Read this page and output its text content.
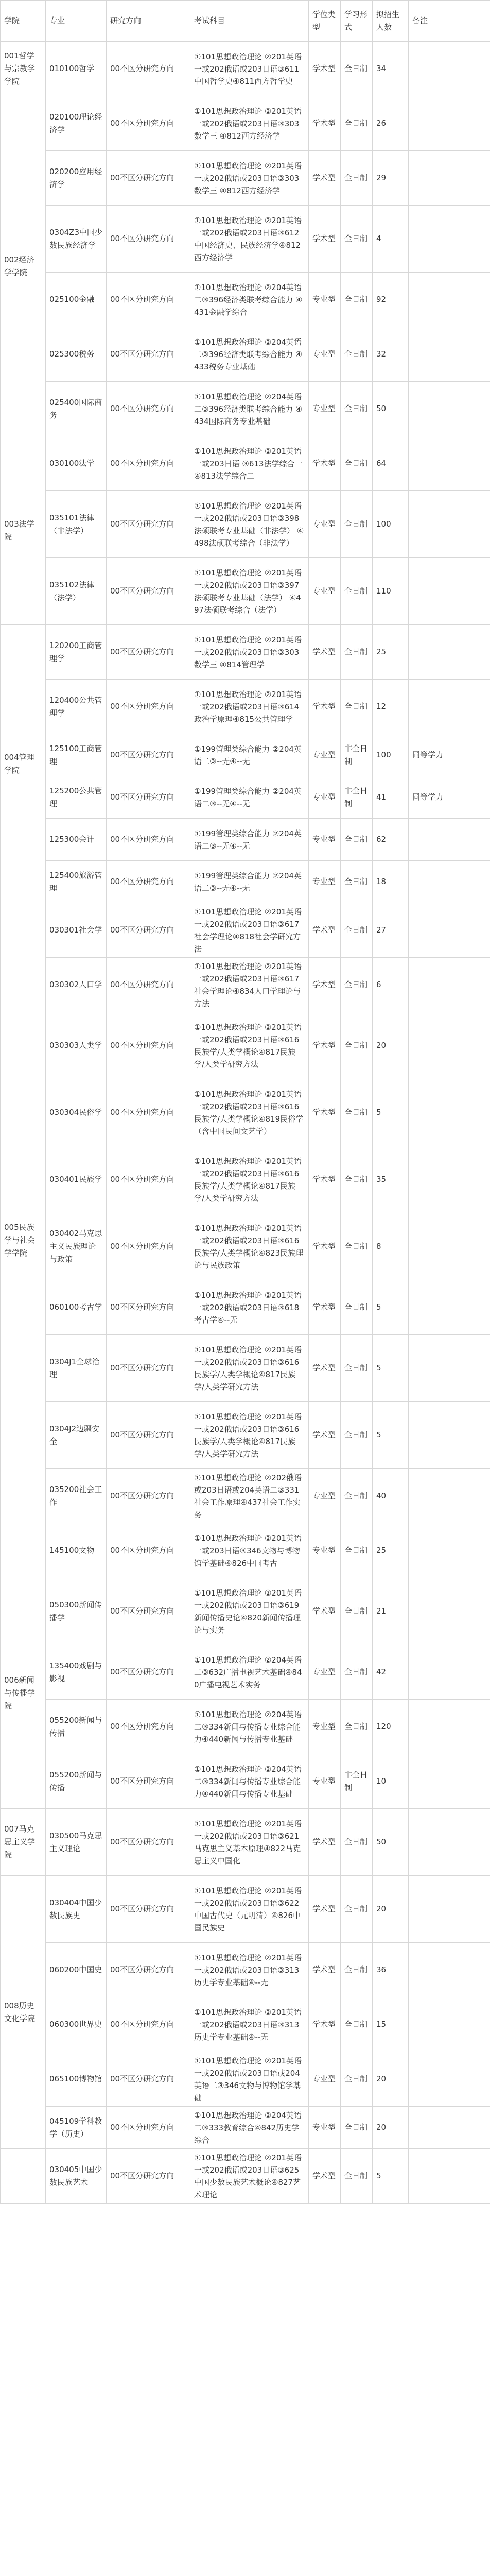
学院	专业	研究方向	考试科目	学位类型	学习形式	拟招生人数	备注
001哲学与宗教学学院	010100哲学	00不区分研究方向	①101思想政治理论 ②201英语一或202俄语或203日语③611中国哲学史④811西方哲学史	学术型	全日制	34	
002经济学学院	020100理论经济学	00不区分研究方向	①101思想政治理论 ②201英语一或202俄语或203日语③303数学三 ④812西方经济学	学术型	全日制	26	
	020200应用经济学	00不区分研究方向	①101思想政治理论 ②201英语一或202俄语或203日语③303数学三 ④812西方经济学	学术型	全日制	29	
	0304Z3中国少数民族经济学	00不区分研究方向	①101思想政治理论 ②201英语一或202俄语或203日语③612中国经济史、民族经济学④812西方经济学	学术型	全日制	4	
	025100金融	00不区分研究方向	①101思想政治理论 ②204英语二③396经济类联考综合能力 ④431金融学综合	专业型	全日制	92	
	025300税务	00不区分研究方向	①101思想政治理论 ②204英语二③396经济类联考综合能力 ④433税务专业基础	专业型	全日制	32	
	025400国际商务	00不区分研究方向	①101思想政治理论 ②204英语二③396经济类联考综合能力 ④434国际商务专业基础	专业型	全日制	50	
003法学院	030100法学	00不区分研究方向	①101思想政治理论 ②201英语一或203日语 ③613法学综合一 ④813法学综合二	学术型	全日制	64	
	035101法律（非法学）	00不区分研究方向	①101思想政治理论 ②201英语一或202俄语或203日语③398法硕联考专业基础（非法学） ④498法硕联考综合（非法学）	专业型	全日制	100	
	035102法律（法学）	00不区分研究方向	①101思想政治理论 ②201英语一或202俄语或203日语③397法硕联考专业基础（法学） ④497法硕联考综合（法学）	专业型	全日制	110	
004管理学院	120200工商管理学	00不区分研究方向	①101思想政治理论 ②201英语一或202俄语或203日语③303数学三 ④814管理学	学术型	全日制	25	
	120400公共管理学	00不区分研究方向	①101思想政治理论 ②201英语一或202俄语或203日语③614政治学原理④815公共管理学	学术型	全日制	12	
	125100工商管理	00不区分研究方向	①199管理类综合能力 ②204英语二③--无④--无	专业型	非全日制	100	同等学力
	125200公共管理	00不区分研究方向	①199管理类综合能力 ②204英语二③--无④--无	专业型	非全日制	41	同等学力
	125300会计	00不区分研究方向	①199管理类综合能力 ②204英语二③--无④--无	专业型	全日制	62	
	125400旅游管理	00不区分研究方向	①199管理类综合能力 ②204英语二③--无④--无	专业型	全日制	18	
005民族学与社会学学院	030301社会学	00不区分研究方向	①101思想政治理论 ②201英语一或202俄语或203日语③617社会学理论④818社会学研究方法	学术型	全日制	27	
	030302人口学	00不区分研究方向	①101思想政治理论 ②201英语一或202俄语或203日语③617社会学理论④834人口学理论与方法	学术型	全日制	6	
	030303人类学	00不区分研究方向	①101思想政治理论 ②201英语一或202俄语或203日语③616民族学/人类学概论④817民族学/人类学研究方法	学术型	全日制	20	
	030304民俗学	00不区分研究方向	①101思想政治理论 ②201英语一或202俄语或203日语③616民族学/人类学概论④819民俗学（含中国民间文艺学）	学术型	全日制	5	
	030401民族学	00不区分研究方向	①101思想政治理论 ②201英语一或202俄语或203日语③616民族学/人类学概论④817民族学/人类学研究方法	学术型	全日制	35	
	030402马克思主义民族理论与政策	00不区分研究方向	①101思想政治理论 ②201英语一或202俄语或203日语③616民族学/人类学概论④823民族理论与民族政策	学术型	全日制	8	
	060100考古学	00不区分研究方向	①101思想政治理论 ②201英语一或202俄语或203日语③618考古学④--无	学术型	全日制	5	
	0304J1全球治理	00不区分研究方向	①101思想政治理论 ②201英语一或202俄语或203日语③616民族学/人类学概论④817民族学/人类学研究方法	学术型	全日制	5	
	0304J2边疆安全	00不区分研究方向	①101思想政治理论 ②201英语一或202俄语或203日语③616民族学/人类学概论④817民族学/人类学研究方法	学术型	全日制	5	
	035200社会工作	00不区分研究方向	①101思想政治理论 ②202俄语或203日语或204英语二③331社会工作原理④437社会工作实务	专业型	全日制	40	
	145100文物	00不区分研究方向	①101思想政治理论 ②201英语一或203日语③346文物与博物馆学基础④826中国考古	专业型	全日制	25	
006新闻与传播学院	050300新闻传播学	00不区分研究方向	①101思想政治理论 ②201英语一或202俄语或203日语③619新闻传播史论④820新闻传播理论与实务	学术型	全日制	21	
	135400戏剧与影视	00不区分研究方向	①101思想政治理论 ②204英语二③632广播电视艺术基础④840广播电视艺术实务	专业型	全日制	42	
	055200新闻与传播	00不区分研究方向	①101思想政治理论 ②204英语二③334新闻与传播专业综合能力④440新闻与传播专业基础	专业型	全日制	120	
	055200新闻与传播	00不区分研究方向	①101思想政治理论 ②204英语二③334新闻与传播专业综合能力④440新闻与传播专业基础	专业型	非全日制	10	
007马克思主义学院	030500马克思主义理论	00不区分研究方向	①101思想政治理论 ②201英语一或202俄语或203日语③621马克思主义基本原理④822马克思主义中国化	学术型	全日制	50	
008历史文化学院	030404中国少数民族史	00不区分研究方向	①101思想政治理论 ②201英语一或202俄语或203日语③622中国古代史（元明清）④826中国民族史	学术型	全日制	20	
	060200中国史	00不区分研究方向	①101思想政治理论 ②201英语一或202俄语或203日语③313历史学专业基础④--无	学术型	全日制	36	
	060300世界史	00不区分研究方向	①101思想政治理论 ②201英语一或202俄语或203日语③313历史学专业基础④--无	学术型	全日制	15	
	065100博物馆	00不区分研究方向	①101思想政治理论 ②201英语一或202俄语或203日语或204英语二③346文物与博物馆学基础	专业型	全日制	20	
	045109学科教学（历史）	00不区分研究方向	①101思想政治理论 ②204英语二③333教育综合④842历史学综合	专业型	全日制	20	
	030405中国少数民族艺术	00不区分研究方向	①101思想政治理论 ②201英语一或202俄语或203日语③625中国少数民族艺术概论④827艺术理论	学术型	全日制	5	
